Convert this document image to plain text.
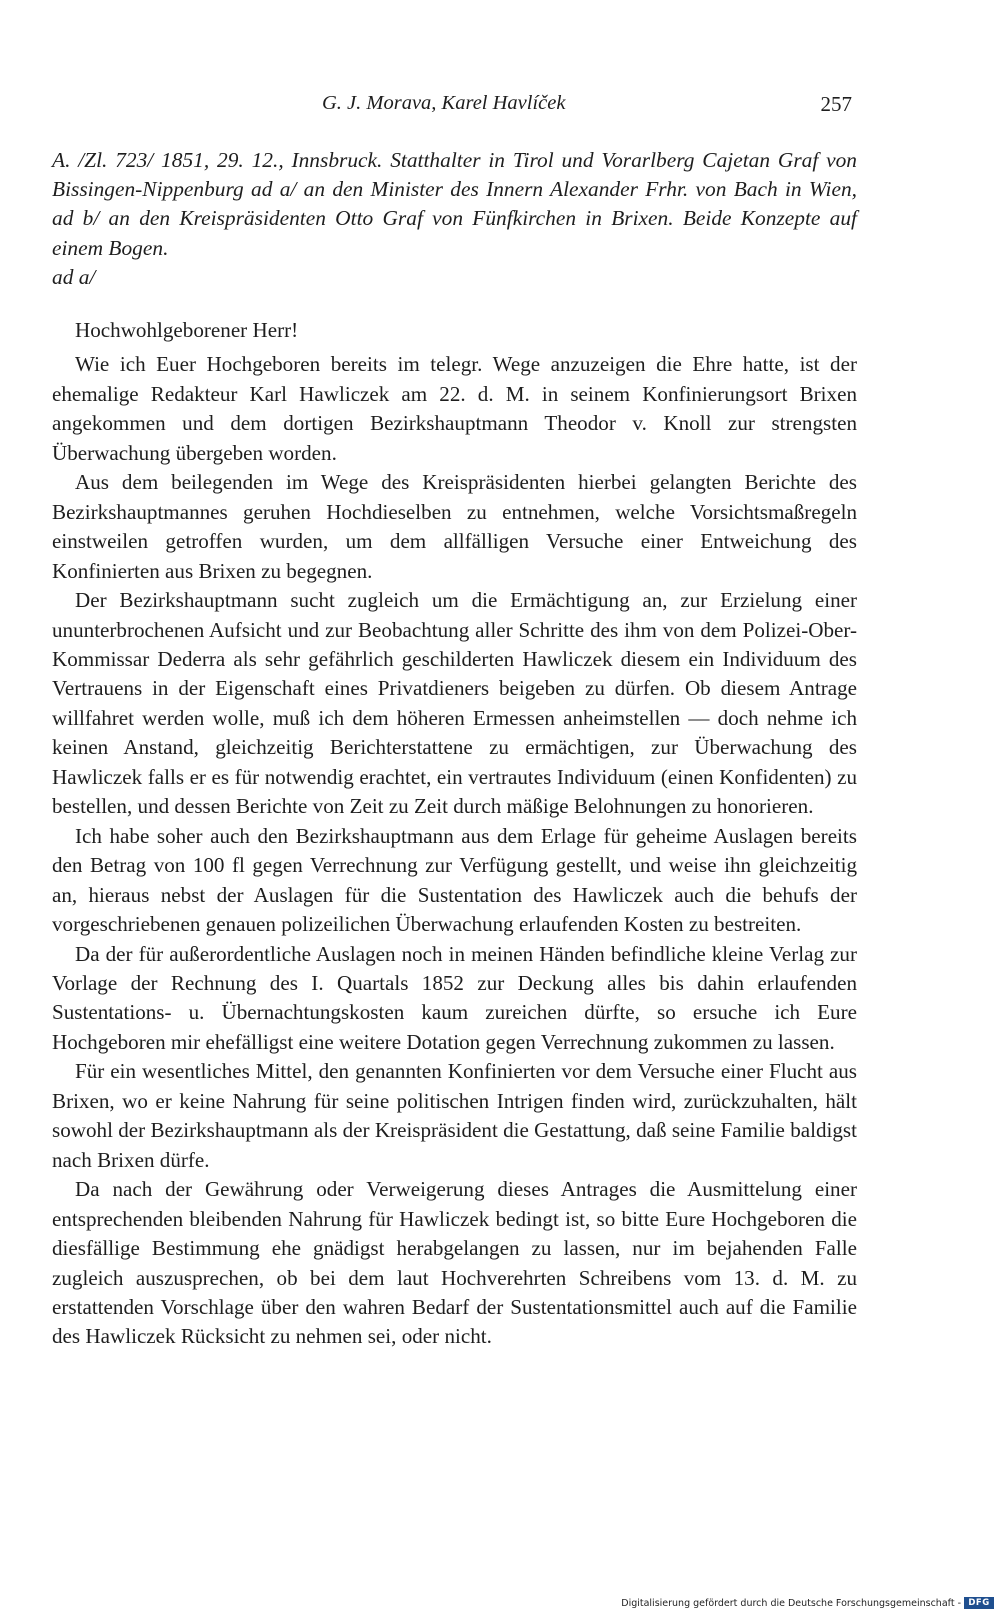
G. J. Morava, Karel Havlíček	257

A. /Zl. 723/ 1851, 29. 12., Innsbruck. Statthalter in Tirol und Vorarlberg Cajetan Graf von Bissingen-Nippenburg ad a/ an den Minister des Innern Alexander Frhr. von Bach in Wien, ad b/ an den Kreispräsidenten Otto Graf von Fünfkirchen in Brixen. Beide Konzepte auf einem Bogen.

ad a/

Hochwohlgeborener Herr!

Wie ich Euer Hochgeboren bereits im telegr. Wege anzuzeigen die Ehre hatte, ist der ehemalige Redakteur Karl Hawliczek am 22. d. M. in seinem Konfinierungsort Brixen angekommen und dem dortigen Bezirkshauptmann Theodor v. Knoll zur strengsten Überwachung übergeben worden.

Aus dem beilegenden im Wege des Kreispräsidenten hierbei gelangten Berichte des Bezirkshauptmannes geruhen Hochdieselben zu entnehmen, welche Vorsichtsmaßregeln einstweilen getroffen wurden, um dem allfälligen Versuche einer Entweichung des Konfinierten aus Brixen zu begegnen.

Der Bezirkshauptmann sucht zugleich um die Ermächtigung an, zur Erzielung einer ununterbrochenen Aufsicht und zur Beobachtung aller Schritte des ihm von dem Polizei-Ober-Kommissar Dederra als sehr gefährlich geschilderten Hawliczek diesem ein Individuum des Vertrauens in der Eigenschaft eines Privatdieners beigeben zu dürfen. Ob diesem Antrage willfahret werden wolle, muß ich dem höheren Ermessen anheimstellen — doch nehme ich keinen Anstand, gleichzeitig Berichterstattene zu ermächtigen, zur Überwachung des Hawliczek falls er es für notwendig erachtet, ein vertrautes Individuum (einen Konfidenten) zu bestellen, und dessen Berichte von Zeit zu Zeit durch mäßige Belohnungen zu honorieren.

Ich habe soher auch den Bezirkshauptmann aus dem Erlage für geheime Auslagen bereits den Betrag von 100 fl gegen Verrechnung zur Verfügung gestellt, und weise ihn gleichzeitig an, hieraus nebst der Auslagen für die Sustentation des Hawliczek auch die behufs der vorgeschriebenen genauen polizeilichen Überwachung erlaufenden Kosten zu bestreiten.

Da der für außerordentliche Auslagen noch in meinen Händen befindliche kleine Verlag zur Vorlage der Rechnung des I. Quartals 1852 zur Deckung alles bis dahin erlaufenden Sustentations- u. Übernachtungskosten kaum zureichen dürfte, so ersuche ich Eure Hochgeboren mir ehefälligst eine weitere Dotation gegen Verrechnung zukommen zu lassen.

Für ein wesentliches Mittel, den genannten Konfinierten vor dem Versuche einer Flucht aus Brixen, wo er keine Nahrung für seine politischen Intrigen finden wird, zurückzuhalten, hält sowohl der Bezirkshauptmann als der Kreispräsident die Gestattung, daß seine Familie baldigst nach Brixen dürfe.

Da nach der Gewährung oder Verweigerung dieses Antrages die Ausmittelung einer entsprechenden bleibenden Nahrung für Hawliczek bedingt ist, so bitte Eure Hochgeboren die diesfällige Bestimmung ehe gnädigst herabgelangen zu lassen, nur im bejahenden Falle zugleich auszusprechen, ob bei dem laut Hochverehrten Schreibens vom 13. d. M. zu erstattenden Vorschlage über den wahren Bedarf der Sustentationsmittel auch auf die Familie des Hawliczek Rücksicht zu nehmen sei, oder nicht.

Digitalisierung gefördert durch die Deutsche Forschungsgemeinschaft - DFG
